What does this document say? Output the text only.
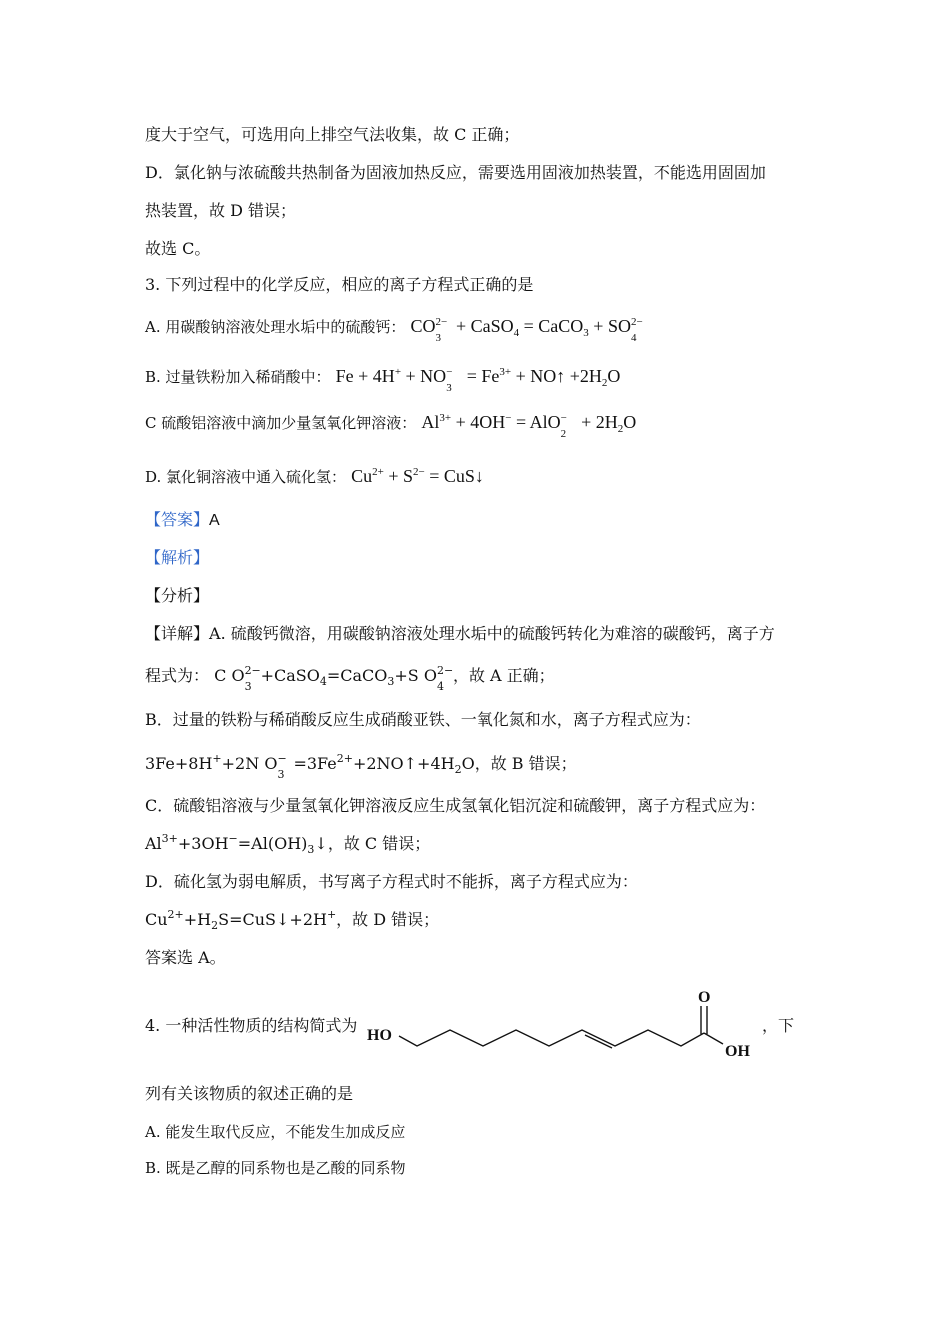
度大于空气，可选用向上排空气法收集，故 C 正确；
D．氯化钠与浓硫酸共热制备为固液加热反应，需要选用固液加热装置，不能选用固固加
热装置，故 D 错误；
故选 C。
3. 下列过程中的化学反应，相应的离子方程式正确的是
A. 用碳酸钠溶液处理水垢中的硫酸钙： CO 2−
3
+ CaSO$_4$ = CaCO$_3$ + SO 2−
4
B. 过量铁粉加入稀硝酸中： Fe + 4H+ + NO −
3
= $Fe^{3+}$ + NO↑ $+2H_2O$
C 硫酸铝溶液中滴加少量氢氧化钾溶液： $Al^{3+} + 4OH^-$ = AlO −
2
+ $2H_2O$
D. 氯化铜溶液中通入硫化氢： $Cu^{2+} + S^{2-}$ = CuS↓
【答案】A
【解析】
【分析】
【详解】A. 硫酸钙微溶，用碳酸钠溶液处理水垢中的硫酸钙转化为难溶的碳酸钙，离子方
程式为： C O 2−
3
+CaSO$_4$=CaCO$_3$+S O 2−
4
，故 A 正确；
B．过量的铁粉与稀硝酸反应生成硝酸亚铁、一氧化氮和水，离子方程式应为：
3Fe+8H++2N O −
3
$=3Fe^{2+}+2NO↑+4H_2O$，故 B 错误；
C．硫酸铝溶液与少量氢氧化钾溶液反应生成氢氧化铝沉淀和硫酸钾，离子方程式应为：
$Al^{3+}+3OH^-=Al(OH)_3↓$，故 C 错误；
D．硫化氢为弱电解质，书写离子方程式时不能拆，离子方程式应为：
$Cu^{2+}+H_2S=CuS↓+2H^+$，故 D 错误；
答案选 A。
4. 一种活性物质的结构简式为
HO
O
OH
，下
列有关该物质的叙述正确的是
A. 能发生取代反应，不能发生加成反应
B. 既是乙醇的同系物也是乙酸的同系物
